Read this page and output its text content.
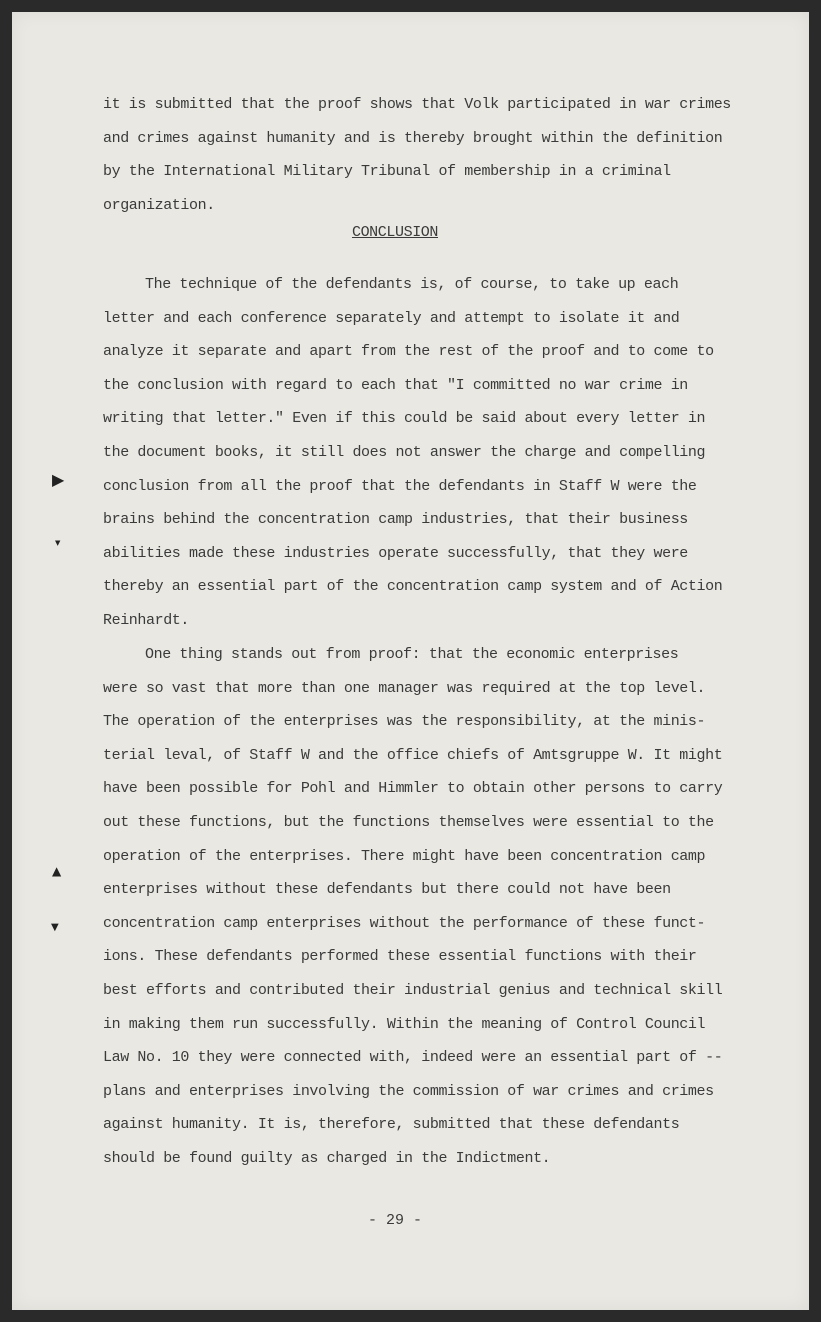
it is submitted that the proof shows that Volk participated in war crimes
and crimes against humanity and is thereby brought within the definition
by the International Military Tribunal of membership in a criminal
organization.
CONCLUSION
The technique of the defendants is, of course, to take up each
letter and each conference separately and attempt to isolate it and
analyze it separate and apart from the rest of the proof and to come to
the conclusion with regard to each that "I committed no war crime in
writing that letter." Even if this could be said about every letter in
the document books, it still does not answer the charge and compelling
conclusion from all the proof that the defendants in Staff W were the
brains behind the concentration camp industries, that their business
abilities made these industries operate successfully, that they were
thereby an essential part of the concentration camp system and of Action
Reinhardt.
One thing stands out from proof: that the economic enterprises
were so vast that more than one manager was required at the top level.
The operation of the enterprises was the responsibility, at the minis-
terial leval, of Staff W and the office chiefs of Amtsgruppe W. It might
have been possible for Pohl and Himmler to obtain other persons to carry
out these functions, but the functions themselves were essential to the
operation of the enterprises. There might have been concentration camp
enterprises without these defendants but there could not have been
concentration camp enterprises without the performance of these funct-
ions. These defendants performed these essential functions with their
best efforts and contributed their industrial genius and technical skill
in making them run successfully. Within the meaning of Control Council
Law No. 10 they were connected with, indeed were an essential part of --
plans and enterprises involving the commission of war crimes and crimes
against humanity. It is, therefore, submitted that these defendants
should be found guilty as charged in the Indictment.
- 29 -
▶
▼
▲
▼
